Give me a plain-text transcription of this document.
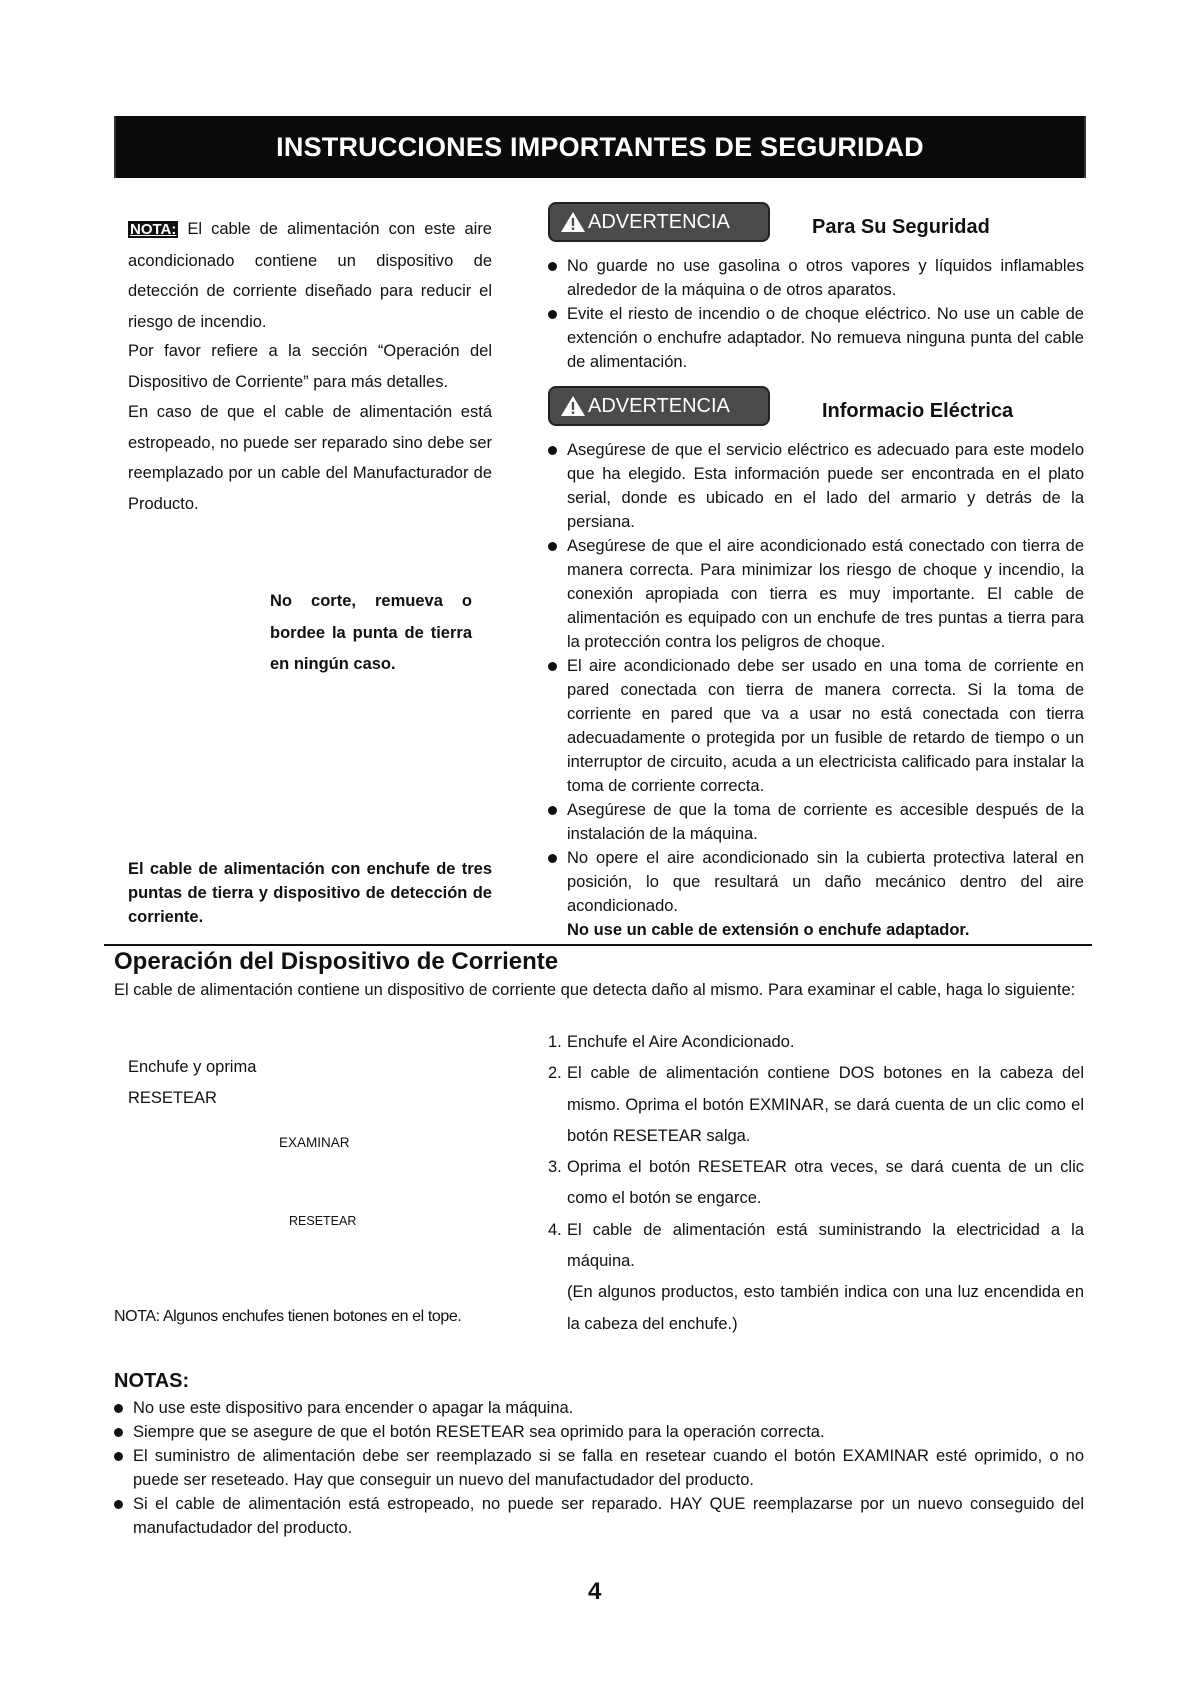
INSTRUCCIONES IMPORTANTES DE SEGURIDAD
NOTA: El cable de alimentación con este aire acondicionado contiene un dispositivo de detección de corriente diseñado para reducir el riesgo de incendio.
Por favor refiere a la sección “Operación del Dispositivo de Corriente” para más detalles.
En caso de que el cable de alimentación está estropeado, no puede ser reparado sino debe ser reemplazado por un cable del Manufacturador de Producto.
No corte, remueva o bordee la punta de tierra en ningún caso.
El cable de alimentación con enchufe de tres puntas de tierra y dispositivo de detección de corriente.
ADVERTENCIA	Para Su Seguridad
No guarde no use gasolina o otros vapores y líquidos inflamables alrededor de la máquina o de otros aparatos.
Evite el riesto de incendio o de choque eléctrico. No use un cable de extención o enchufre adaptador. No remueva ninguna punta del cable de alimentación.
ADVERTENCIA	Informacio Eléctrica
Asegúrese de que el servicio eléctrico es adecuado para este modelo que ha elegido. Esta información puede ser encontrada en el plato serial, donde es ubicado en el lado del armario y detrás de la persiana.
Asegúrese de que el aire acondicionado está conectado con tierra de manera correcta. Para minimizar los riesgo de choque y incendio, la conexión apropiada con tierra es muy importante. El cable de alimentación es equipado con un enchufe de tres puntas a tierra para la protección contra los peligros de choque.
El aire acondicionado debe ser usado en una toma de corriente en pared conectada con tierra de manera correcta. Si la toma de corriente en pared que va a usar no está conectada con tierra adecuadamente o protegida por un fusible de retardo de tiempo o un interruptor de circuito, acuda a un electricista calificado para instalar la toma de corriente correcta.
Asegúrese de que la toma de corriente es accesible después de la instalación de la máquina.
No opere el aire acondicionado sin la cubierta protectiva lateral en posición, lo que resultará un daño mecánico dentro del aire acondicionado.
No use un cable de extensión o enchufe adaptador.
Operación del Dispositivo de Corriente
El cable de alimentación contiene un dispositivo de corriente que detecta daño al mismo. Para examinar el cable, haga lo siguiente:
Enchufe y oprima
RESETEAR
EXAMINAR
RESETEAR
NOTA: Algunos enchufes tienen botones en el tope.
1. Enchufe el Aire Acondicionado.
2. El cable de alimentación contiene DOS botones en la cabeza del mismo. Oprima el botón EXMINAR, se dará cuenta de un clic como el botón RESETEAR salga.
3. Oprima el botón RESETEAR otra veces, se dará cuenta de un clic como el botón se engarce.
4. El cable de alimentación está suministrando la electricidad a la máquina.
(En algunos productos, esto también indica con una luz encendida en la cabeza del enchufe.)
NOTAS:
No use este dispositivo para encender o apagar la máquina.
Siempre que se asegure de que el botón RESETEAR sea oprimido para la operación correcta.
El suministro de alimentación debe ser reemplazado si se falla en resetear cuando el botón EXAMINAR esté oprimido, o no puede ser reseteado. Hay que conseguir un nuevo del manufactudador del producto.
Si el cable de alimentación está estropeado, no puede ser reparado. HAY QUE reemplazarse por un nuevo conseguido del manufactudador del producto.
4
